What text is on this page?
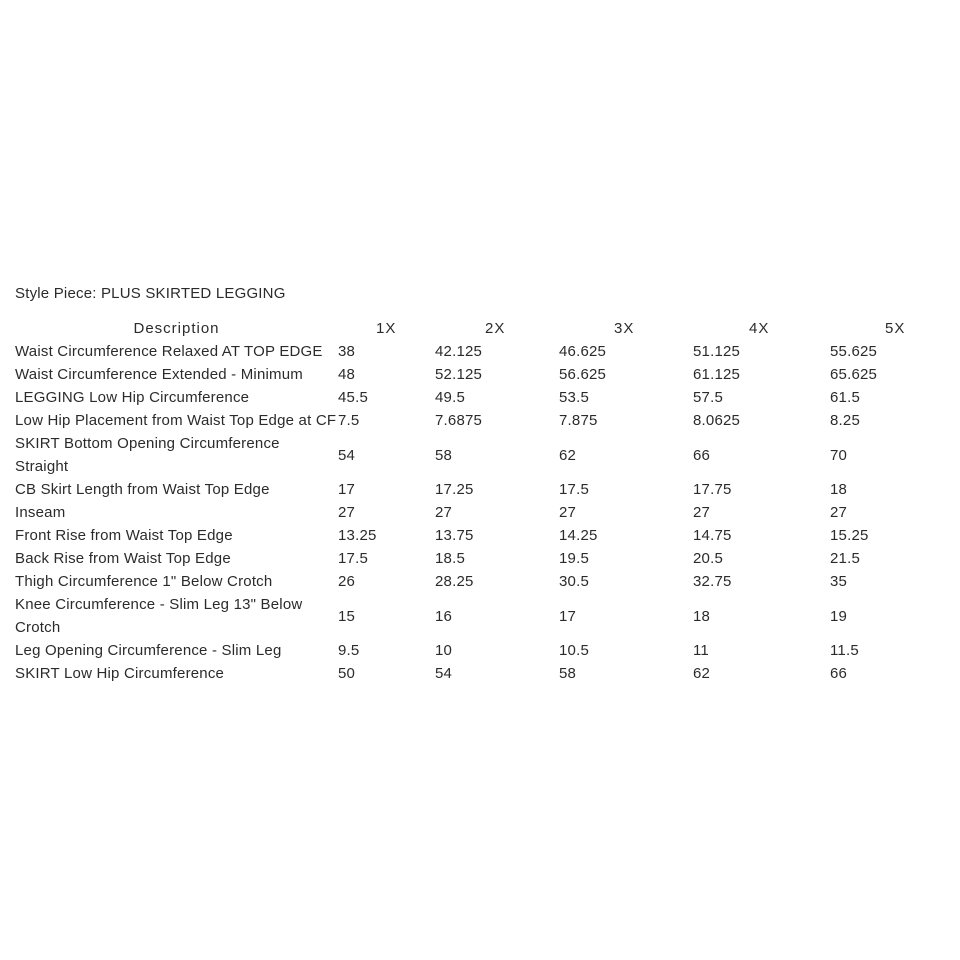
Style Piece: PLUS SKIRTED LEGGING
Description	1X	2X	3X	4X	5X

Waist Circumference Relaxed AT TOP EDGE	38	42.125	46.625	51.125	55.625

Waist Circumference Extended - Minimum	48	52.125	56.625	61.125	65.625

LEGGING Low Hip Circumference	45.5	49.5	53.5	57.5	61.5

Low Hip Placement from Waist Top Edge at CF	7.5	7.6875	7.875	8.0625	8.25

SKIRT Bottom Opening Circumference Straight	54	58	62	66	70

CB Skirt Length from Waist Top Edge	17	17.25	17.5	17.75	18

Inseam	27	27	27	27	27

Front Rise from Waist Top Edge	13.25	13.75	14.25	14.75	15.25

Back Rise from Waist Top Edge	17.5	18.5	19.5	20.5	21.5

Thigh Circumference 1" Below Crotch	26	28.25	30.5	32.75	35

Knee Circumference - Slim Leg 13" Below Crotch	15	16	17	18	19

Leg Opening Circumference - Slim Leg	9.5	10	10.5	11	11.5

SKIRT Low Hip Circumference	50	54	58	62	66
